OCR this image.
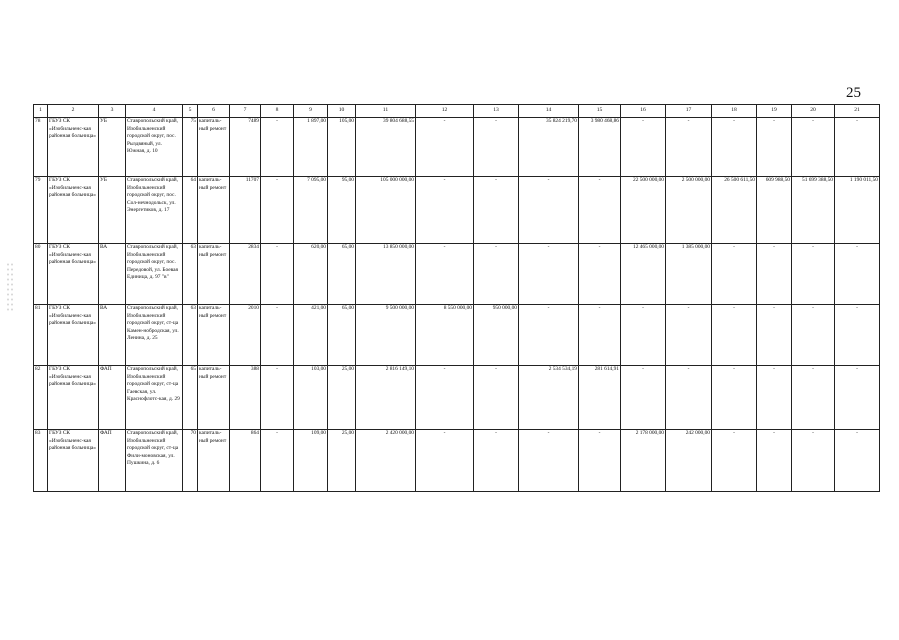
25
1	2	3	4	5	6	7	8	9	10	11	12	13	14	15	16	17	18	19	20	21
78	ГБУЗ СК «Изобильненс-кая районная больница»	УБ	Ставропольский край, Изобильненский городской округ, пос. Рыздвяный, ул. Южная, д. 10	75	капиталь-ный ремонт	7489	-	1 897,00	105,00	39 804 688,55	-	-	35 824 219,70	3 980 468,86	-	-	-	-	-	-
79	ГБУЗ СК «Изобильненс-кая районная больница»	УБ	Ставропольский край, Изобильненский городской округ, пос. Сол-нечнодольск, ул. Энергетиков, д. 17	64	капиталь-ный ремонт	11707	-	7 095,00	95,00	105 000 000,00	-	-	-	-	22 500 000,00	2 500 000,00	26 500 611,50	609 988,50	51 699 388,50	1 190 011,50
80	ГБУЗ СК «Изобильненс-кая районная больница»	ВА	Ставропольский край, Изобильненский городской округ, пос. Передовой, ул. Боевая Единица, д. 97 "в"	63	капиталь-ный ремонт	2834	-	620,00	65,00	13 850 000,00	-	-	-	-	12 465 000,00	1 385 000,00	-	-	-	-
81	ГБУЗ СК «Изобильненс-кая районная больница»	ВА	Ставропольский край, Изобильненский городской округ, ст-ца Камен-нобродская, ул. Ленина, д. 25	63	капиталь-ный ремонт	2010	-	421,00	65,00	9 500 000,00	8 550 000,00	950 000,00	-	-	-	-	-	-	-	-
82	ГБУЗ СК «Изобильненс-кая районная больница»	ФАП	Ставропольский край, Изобильненский городской округ, ст-ца Гаевская, ул. Краснофлотс-кая, д. 29	65	капиталь-ный ремонт	388	-	103,00	25,00	2 816 149,10	-	-	2 534 534,19	281 614,91	-	-	-	-	-	-
83	ГБУЗ СК «Изобильненс-кая районная больница»	ФАП	Ставропольский край, Изобильненский городской округ, ст-ца Фили-моновская, ул. Пушкина, д. 6	70	капиталь-ный ремонт	864	-	109,00	25,00	2 420 000,00	-	-	-	-	2 178 000,00	242 000,00	-	-	-	-
